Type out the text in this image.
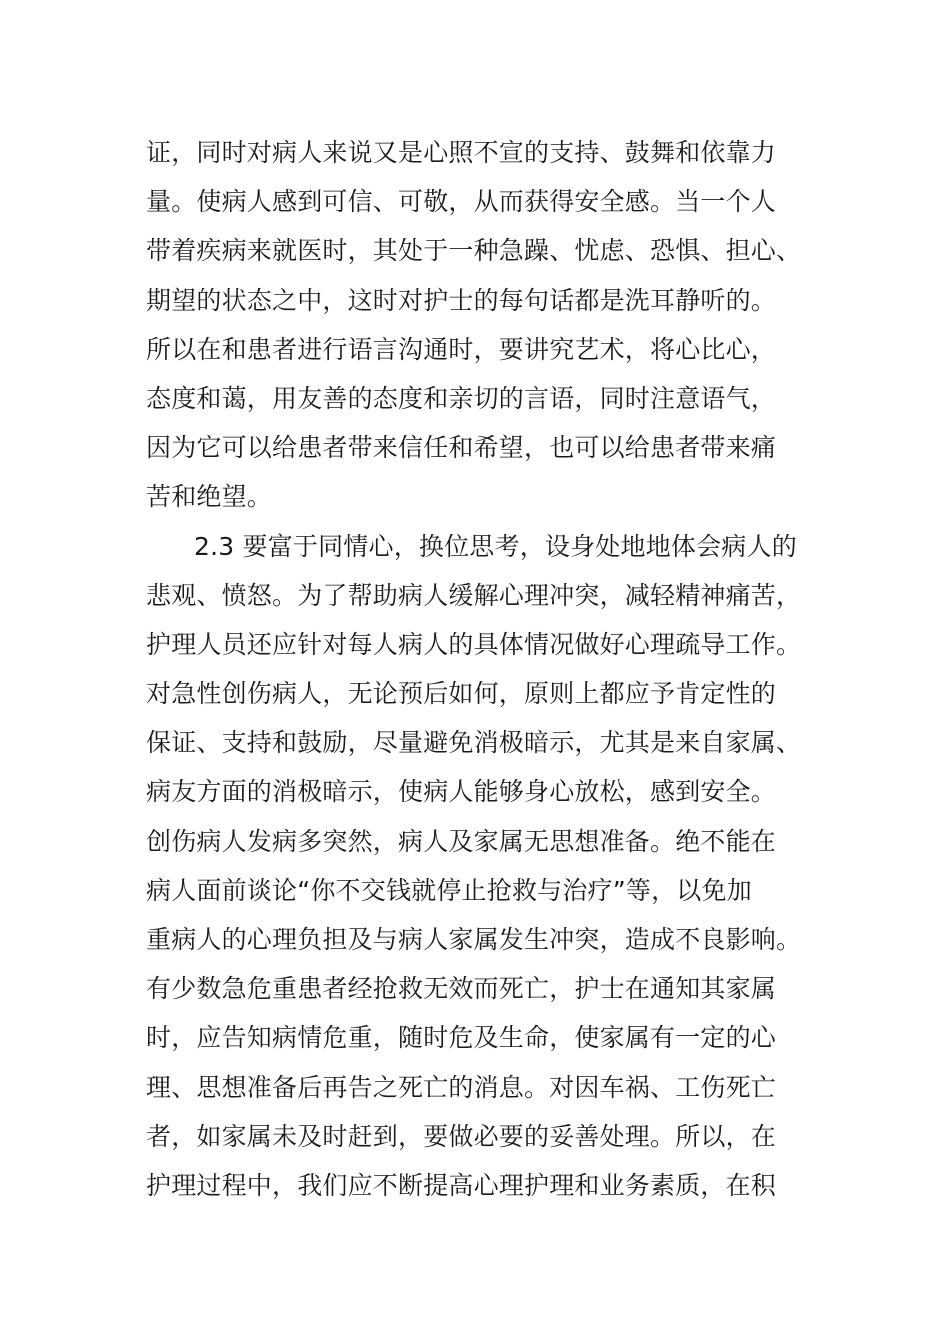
证，同时对病人来说又是心照不宣的支持、鼓舞和依靠力
量。使病人感到可信、可敬，从而获得安全感。当一个人
带着疾病来就医时，其处于一种急躁、忧虑、恐惧、担心、
期望的状态之中，这时对护士的每句话都是洗耳静听的。
所以在和患者进行语言沟通时，要讲究艺术，将心比心，
态度和蔼，用友善的态度和亲切的言语，同时注意语气，
因为它可以给患者带来信任和希望，也可以给患者带来痛
苦和绝望。
2.3 要富于同情心，换位思考，设身处地地体会病人的
悲观、愤怒。为了帮助病人缓解心理冲突，减轻精神痛苦，
护理人员还应针对每人病人的具体情况做好心理疏导工作。
对急性创伤病人，无论预后如何，原则上都应予肯定性的
保证、支持和鼓励，尽量避免消极暗示，尤其是来自家属、
病友方面的消极暗示，使病人能够身心放松，感到安全。
创伤病人发病多突然，病人及家属无思想准备。绝不能在
病人面前谈论“你不交钱就停止抢救与治疗”等，以免加
重病人的心理负担及与病人家属发生冲突，造成不良影响。
有少数急危重患者经抢救无效而死亡，护士在通知其家属
时，应告知病情危重，随时危及生命，使家属有一定的心
理、思想准备后再告之死亡的消息。对因车祸、工伤死亡
者，如家属未及时赶到，要做必要的妥善处理。所以，在
护理过程中，我们应不断提高心理护理和业务素质，在积
